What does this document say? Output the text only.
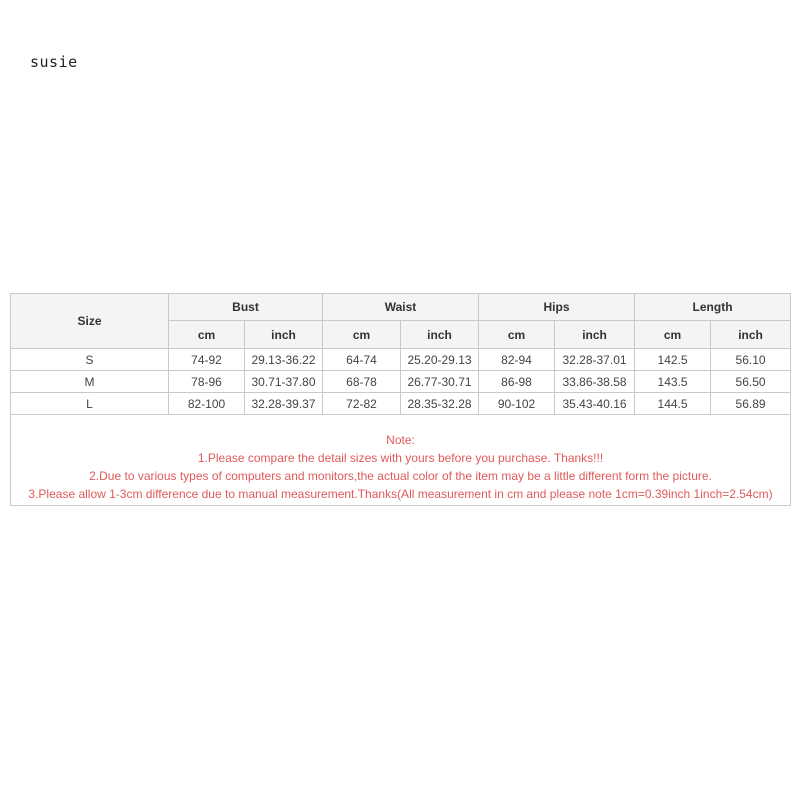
susie
Size	Bust		Waist		Hips		Length	
	cm	inch	cm	inch	cm	inch	cm	inch
S	74-92	29.13-36.22	64-74	25.20-29.13	82-94	32.28-37.01	142.5	56.10
M	78-96	30.71-37.80	68-78	26.77-30.71	86-98	33.86-38.58	143.5	56.50
L	82-100	32.28-39.37	72-82	28.35-32.28	90-102	35.43-40.16	144.5	56.89

Note:
1.Please compare the detail sizes with yours before you purchase. Thanks!!!
2.Due to various types of computers and monitors,the actual color of the item may be a little different form the picture.
3.Please allow 1-3cm difference due to manual measurement.Thanks(All measurement in cm and please note 1cm=0.39inch 1inch=2.54cm)								
